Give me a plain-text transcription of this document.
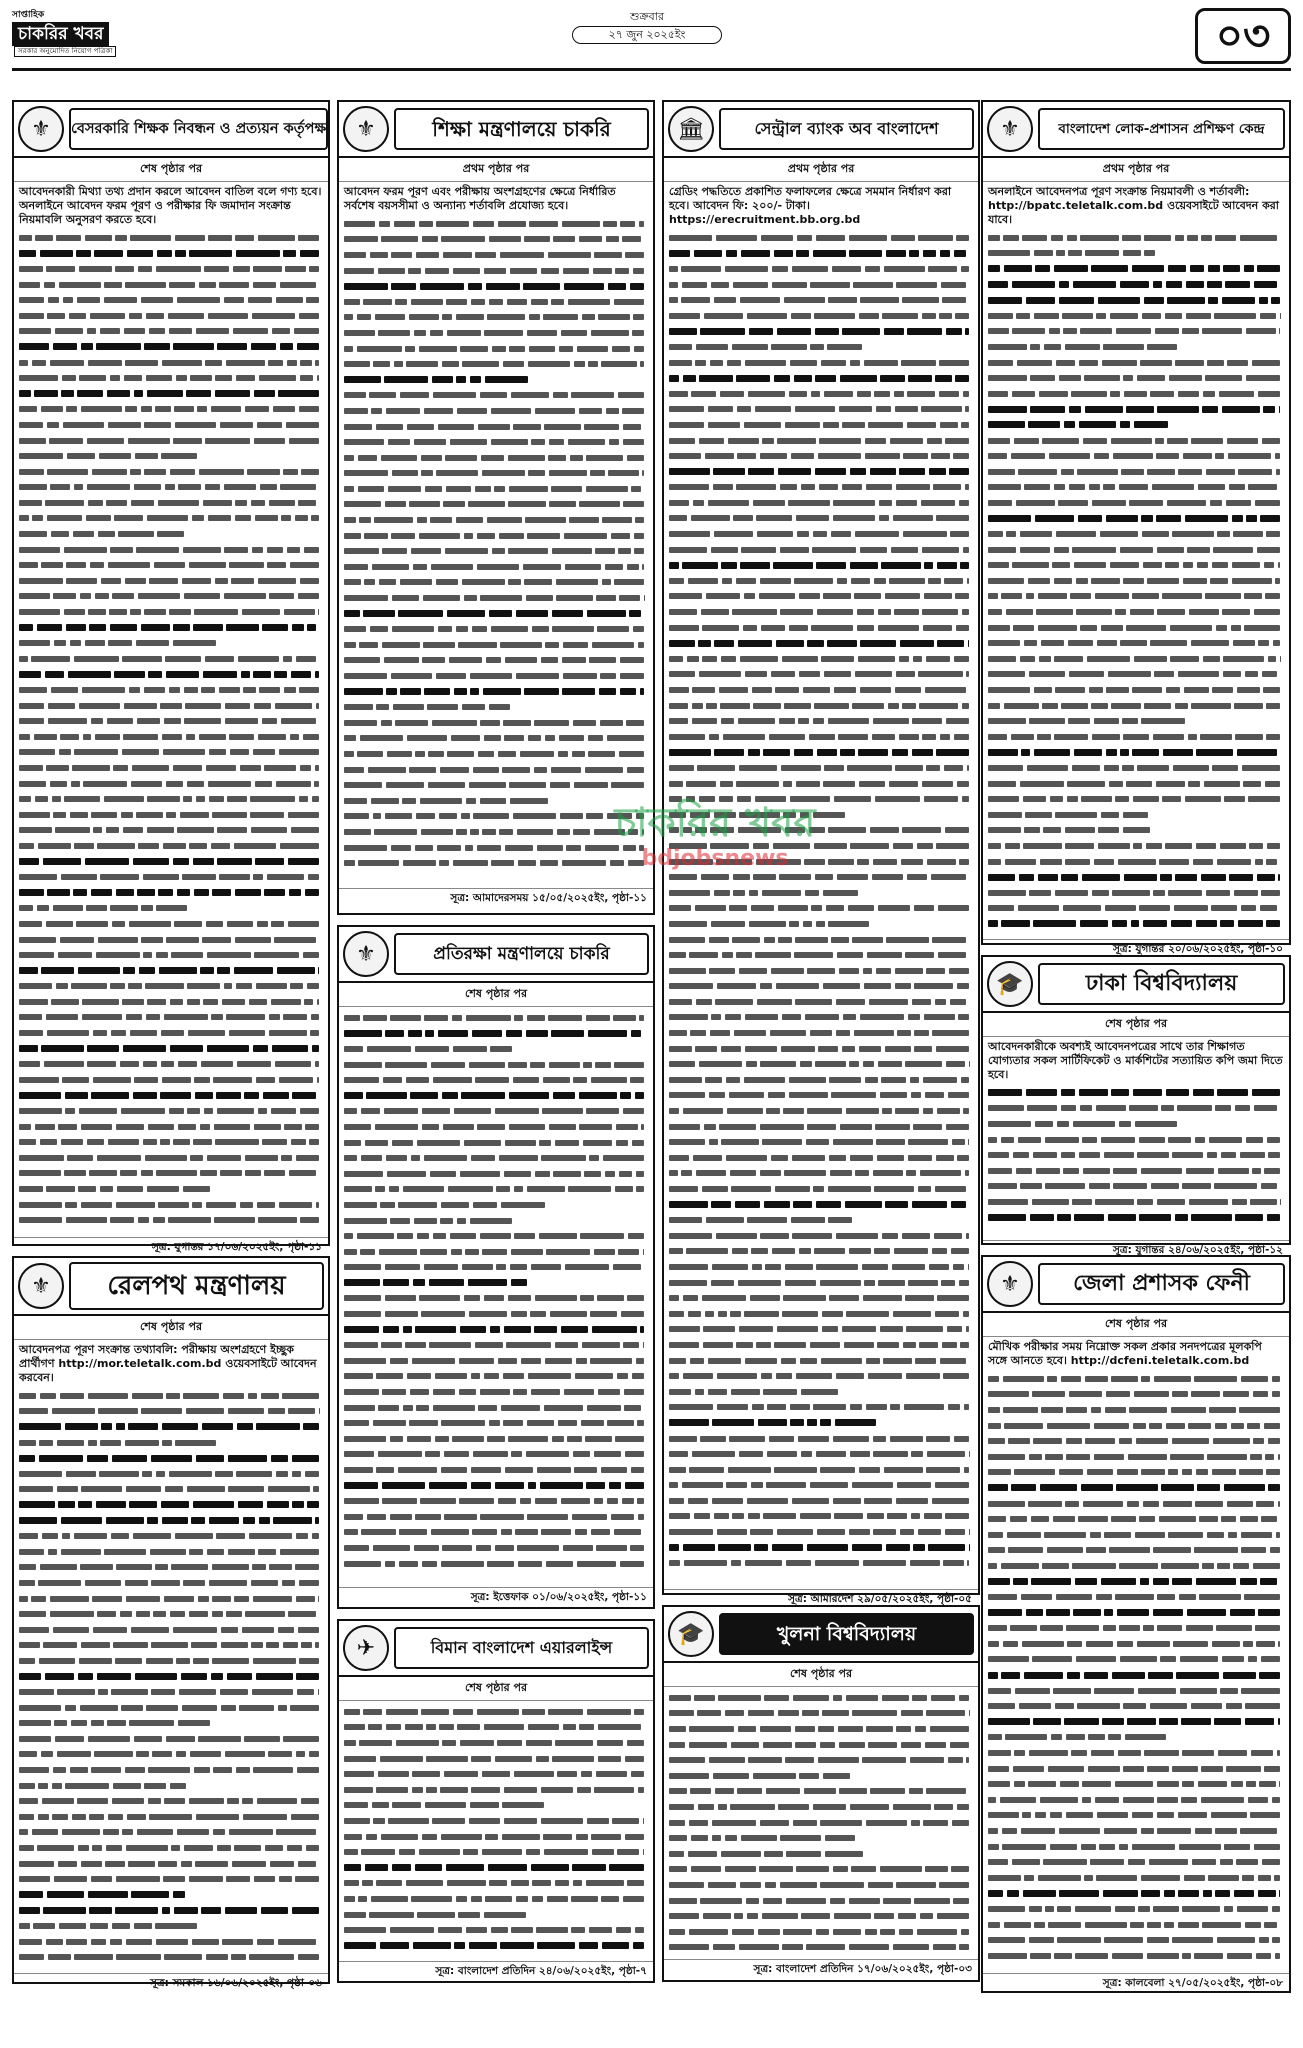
সাপ্তাহিক
চাকরির খবর সরকার অনুমোদিত নিয়োগ পত্রিকা
শুক্রবার
২৭ জুন ২০২৫ইং	০৩
⚜	বেসরকারি শিক্ষক নিবন্ধন ও প্রত্যয়ন কর্তৃপক্ষ
শেষ পৃষ্ঠার পর
আবেদনকারী মিথ্যা তথ্য প্রদান করলে আবেদন বাতিল বলে গণ্য হবে। অনলাইনে আবেদন ফরম পূরণ ও পরীক্ষার ফি জমাদান সংক্রান্ত নিয়মাবলি অনুসরণ করতে হবে।
সূত্র: যুগান্তর ১৭/০৬/২০২৫ইং, পৃষ্ঠা-১১
⚜	রেলপথ মন্ত্রণালয়
শেষ পৃষ্ঠার পর
আবেদনপত্র পূরণ সংক্রান্ত তথ্যাবলি: পরীক্ষায় অংশগ্রহণে ইচ্ছুক প্রার্থীগণ http://mor.teletalk.com.bd ওয়েবসাইটে আবেদন করবেন।
সূত্র: সমকাল ১৬/০৬/২০২৫ইং, পৃষ্ঠা-০৬
⚜	শিক্ষা মন্ত্রণালয়ে চাকরি
প্রথম পৃষ্ঠার পর
আবেদন ফরম পূরণ এবং পরীক্ষায় অংশগ্রহণের ক্ষেত্রে নির্ধারিত সর্বশেষ বয়সসীমা ও অন্যান্য শর্তাবলি প্রযোজ্য হবে।
সূত্র: আমাদেরসময় ১৫/০৫/২০২৫ইং, পৃষ্ঠা-১১
⚜	প্রতিরক্ষা মন্ত্রণালয়ে চাকরি
শেষ পৃষ্ঠার পর
সূত্র: ইত্তেফাক ০১/০৬/২০২৫ইং, পৃষ্ঠা-১১
✈	বিমান বাংলাদেশ এয়ারলাইন্স
শেষ পৃষ্ঠার পর
সূত্র: বাংলাদেশ প্রতিদিন ২৪/০৬/২০২৫ইং, পৃষ্ঠা-৭
🏛	সেন্ট্রাল ব্যাংক অব বাংলাদেশ
প্রথম পৃষ্ঠার পর
গ্রেডিং পদ্ধতিতে প্রকাশিত ফলাফলের ক্ষেত্রে সমমান নির্ধারণ করা হবে। আবেদন ফি: ২০০/- টাকা। https://erecruitment.bb.org.bd
সূত্র: আমারদেশ ২৯/০৫/২০২৫ইং, পৃষ্ঠা-০৫
🎓	খুলনা বিশ্ববিদ্যালয়
শেষ পৃষ্ঠার পর
সূত্র: বাংলাদেশ প্রতিদিন ১৭/০৬/২০২৫ইং, পৃষ্ঠা-০৩
⚜	বাংলাদেশ লোক-প্রশাসন প্রশিক্ষণ কেন্দ্র
প্রথম পৃষ্ঠার পর
অনলাইনে আবেদনপত্র পূরণ সংক্রান্ত নিয়মাবলী ও শর্তাবলী: http://bpatc.teletalk.com.bd ওয়েবসাইটে আবেদন করা যাবে।
সূত্র: যুগান্তর ২০/০৬/২০২৫ইং, পৃষ্ঠা-১০
🎓	ঢাকা বিশ্ববিদ্যালয়
শেষ পৃষ্ঠার পর
আবেদনকারীকে অবশ্যই আবেদনপত্রের সাথে তার শিক্ষাগত যোগ্যতার সকল সার্টিফিকেট ও মার্কশিটের সত্যায়িত কপি জমা দিতে হবে।
সূত্র: যুগান্তর ২৪/০৬/২০২৫ইং, পৃষ্ঠা-১২
⚜	জেলা প্রশাসক ফেনী
শেষ পৃষ্ঠার পর
মৌখিক পরীক্ষার সময় নিম্নোক্ত সকল প্রকার সনদপত্রের মূলকপি সঙ্গে আনতে হবে। http://dcfeni.teletalk.com.bd
সূত্র: কালবেলা ২৭/০৫/২০২৫ইং, পৃষ্ঠা-০৮
চাকরির খবর
bdjobsnews
